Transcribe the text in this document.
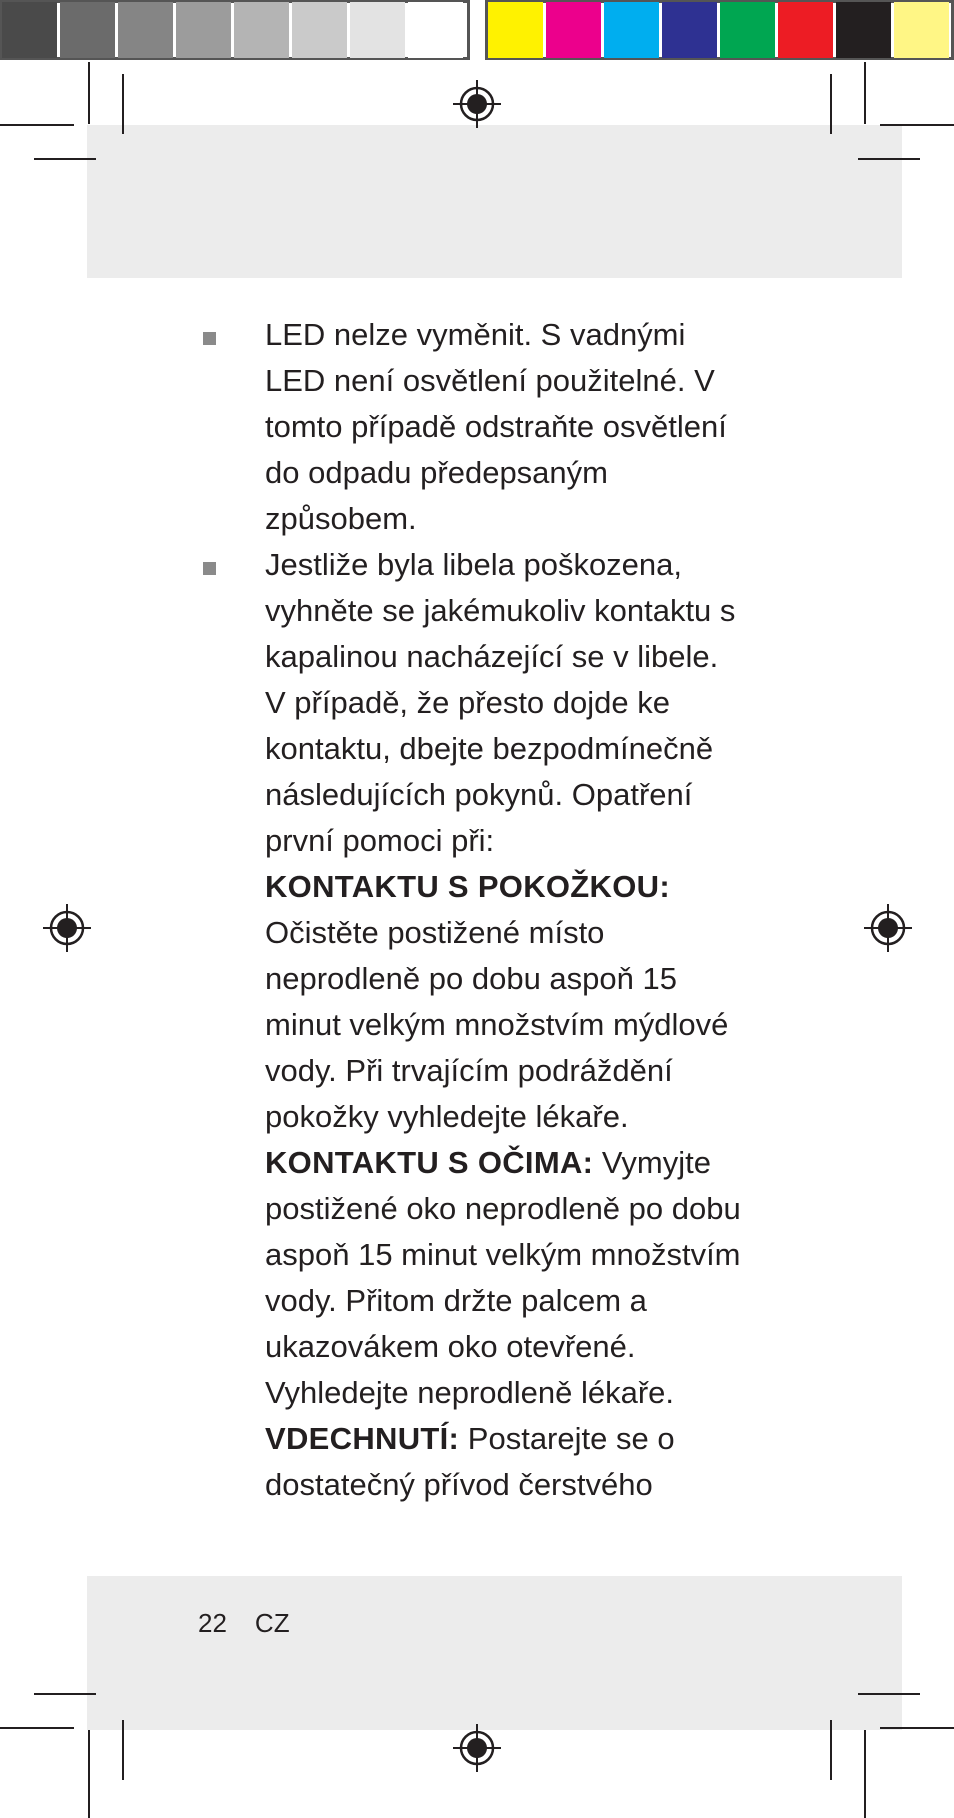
LED nelze vyměnit. S vadnými LED není osvětlení použitelné. V tomto případě odstraňte osvětlení do odpadu předepsaným způsobem.
Jestliže byla libela poškozena, vyhněte se jakémukoliv kontaktu s kapalinou nacházející se v libele. V případě, že přesto dojde ke kontaktu, dbejte bezpodmínečně následujících pokynů. Opatření první pomoci při:
KONTAKTU S POKOŽKOU:
Očistěte postižené místo neprodleně po dobu aspoň 15 minut velkým množstvím mýdlové vody. Při trvajícím podráždění pokožky vyhledejte lékaře.
KONTAKTU S OČIMA: Vymyjte postižené oko neprodleně po dobu aspoň 15 minut velkým množstvím vody. Přitom držte palcem a ukazovákem oko otevřené. Vyhledejte neprodleně lékaře.
VDECHNUTÍ: Postarejte se o dostatečný přívod čerstvého
22 CZ
